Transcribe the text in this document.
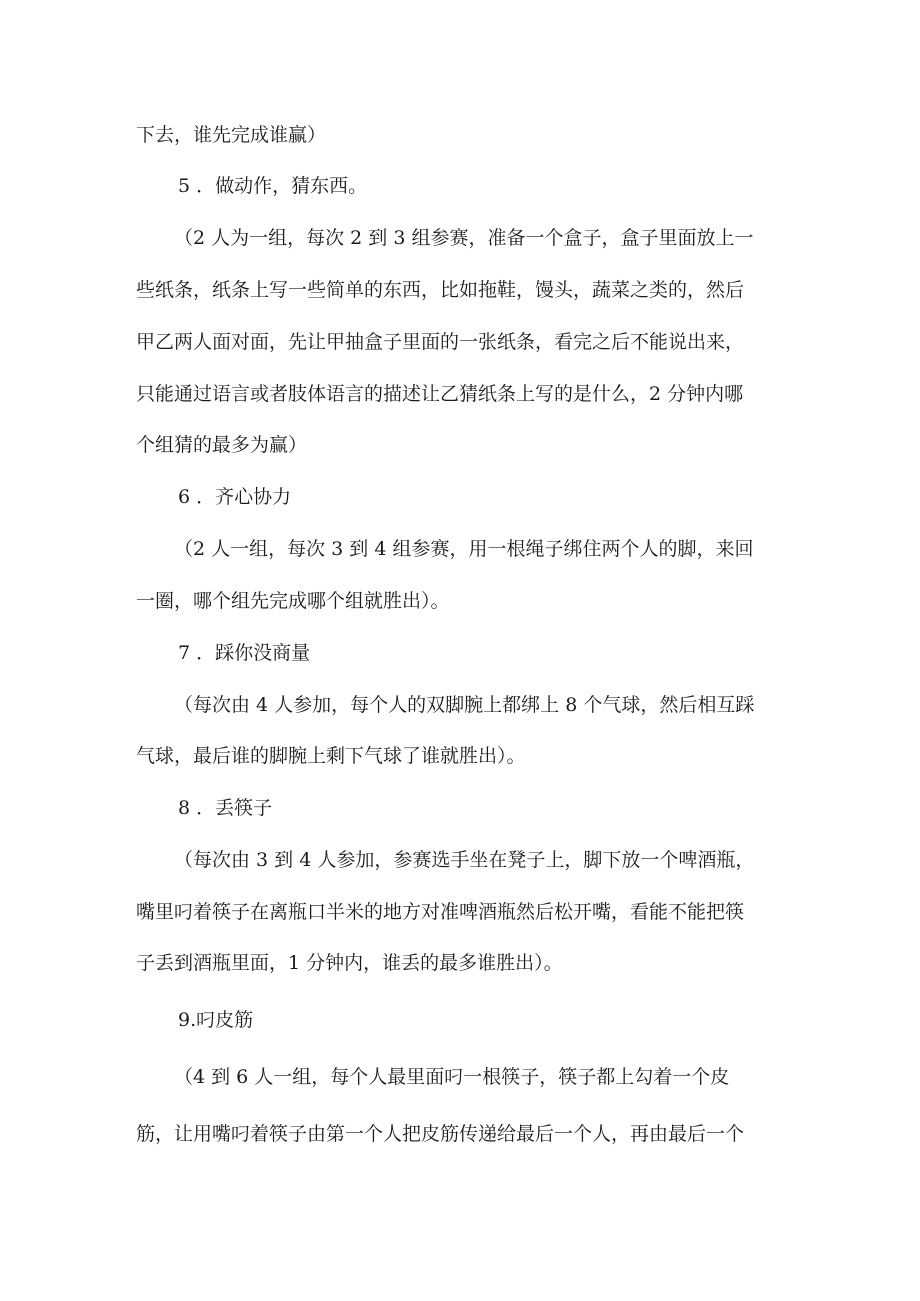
下去，谁先完成谁赢）
5 ．做动作，猜东西。
（2 人为一组，每次 2 到 3 组参赛，准备一个盒子，盒子里面放上一
些纸条，纸条上写一些简单的东西，比如拖鞋，馒头，蔬菜之类的，然后
甲乙两人面对面，先让甲抽盒子里面的一张纸条，看完之后不能说出来，
只能通过语言或者肢体语言的描述让乙猜纸条上写的是什么，2 分钟内哪
个组猜的最多为赢）
6 ．齐心协力
（2 人一组，每次 3 到 4 组参赛，用一根绳子绑住两个人的脚，来回
一圈，哪个组先完成哪个组就胜出）。
7 ．踩你没商量
（每次由 4 人参加，每个人的双脚腕上都绑上 8 个气球，然后相互踩
气球，最后谁的脚腕上剩下气球了谁就胜出）。
8 ．丢筷子
（每次由 3 到 4 人参加，参赛选手坐在凳子上，脚下放一个啤酒瓶，
嘴里叼着筷子在离瓶口半米的地方对准啤酒瓶然后松开嘴，看能不能把筷
子丢到酒瓶里面，1 分钟内，谁丢的最多谁胜出）。
9.叼皮筋
（4 到 6 人一组，每个人最里面叼一根筷子，筷子都上勾着一个皮
筋，让用嘴叼着筷子由第一个人把皮筋传递给最后一个人，再由最后一个
